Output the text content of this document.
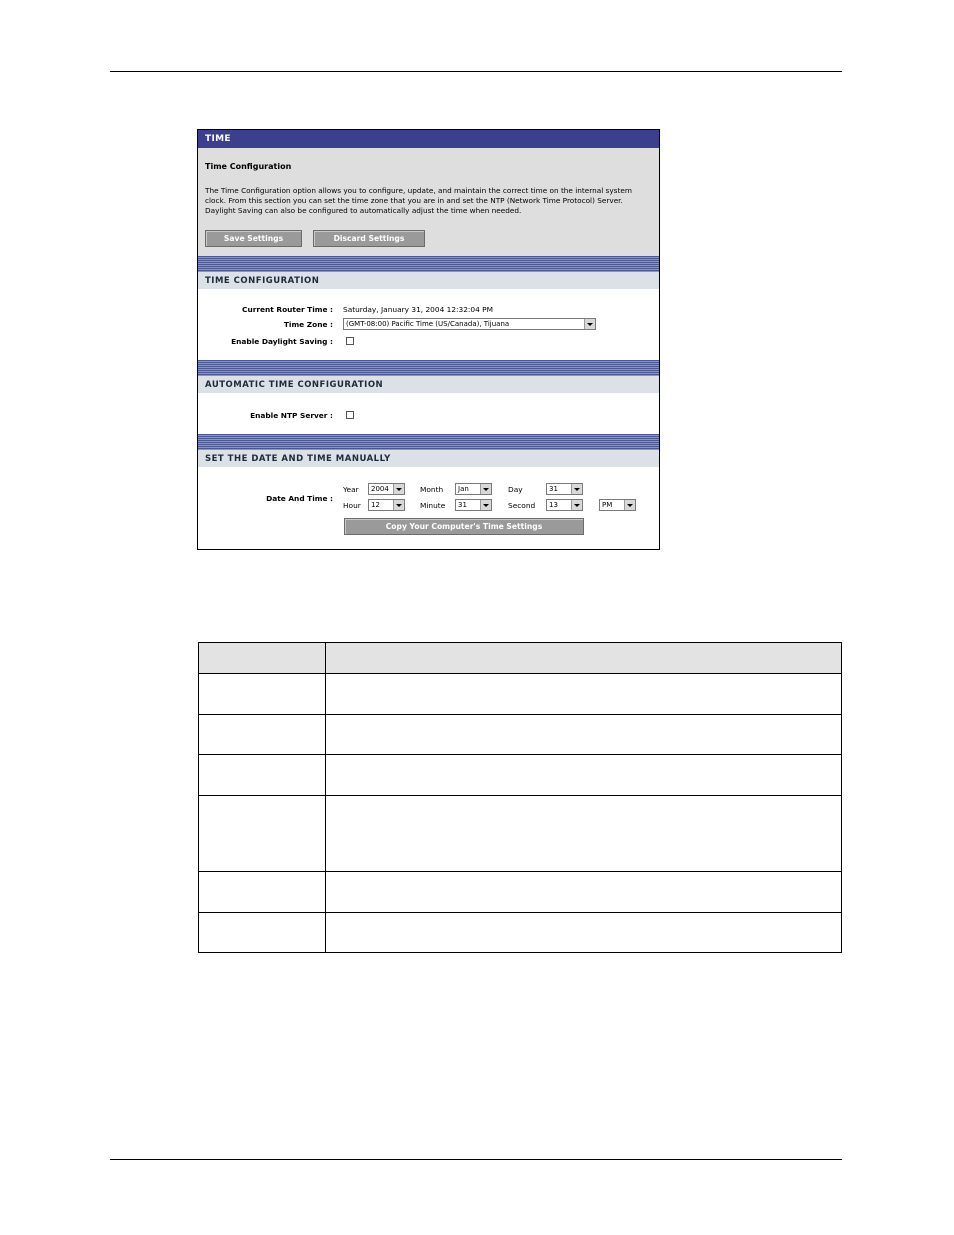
TIME
Time Configuration
The Time Configuration option allows you to configure, update, and maintain the correct time on the internal system clock. From this section you can set the time zone that you are in and set the NTP (Network Time Protocol) Server. Daylight Saving can also be configured to automatically adjust the time when needed.
Save Settings	Discard Settings
TIME CONFIGURATION
Current Router Time : Saturday, January 31, 2004 12:32:04 PM
Time Zone :	(GMT-08:00) Pacific Time (US/Canada), Tijuana
Enable Daylight Saving :
AUTOMATIC TIME CONFIGURATION
Enable NTP Server :
SET THE DATE AND TIME MANUALLY
Date And Time :
Year	2004	Month	Jan	Day	31
Hour	12	Minute	31	Second	13	PM
Copy Your Computer's Time Settings
